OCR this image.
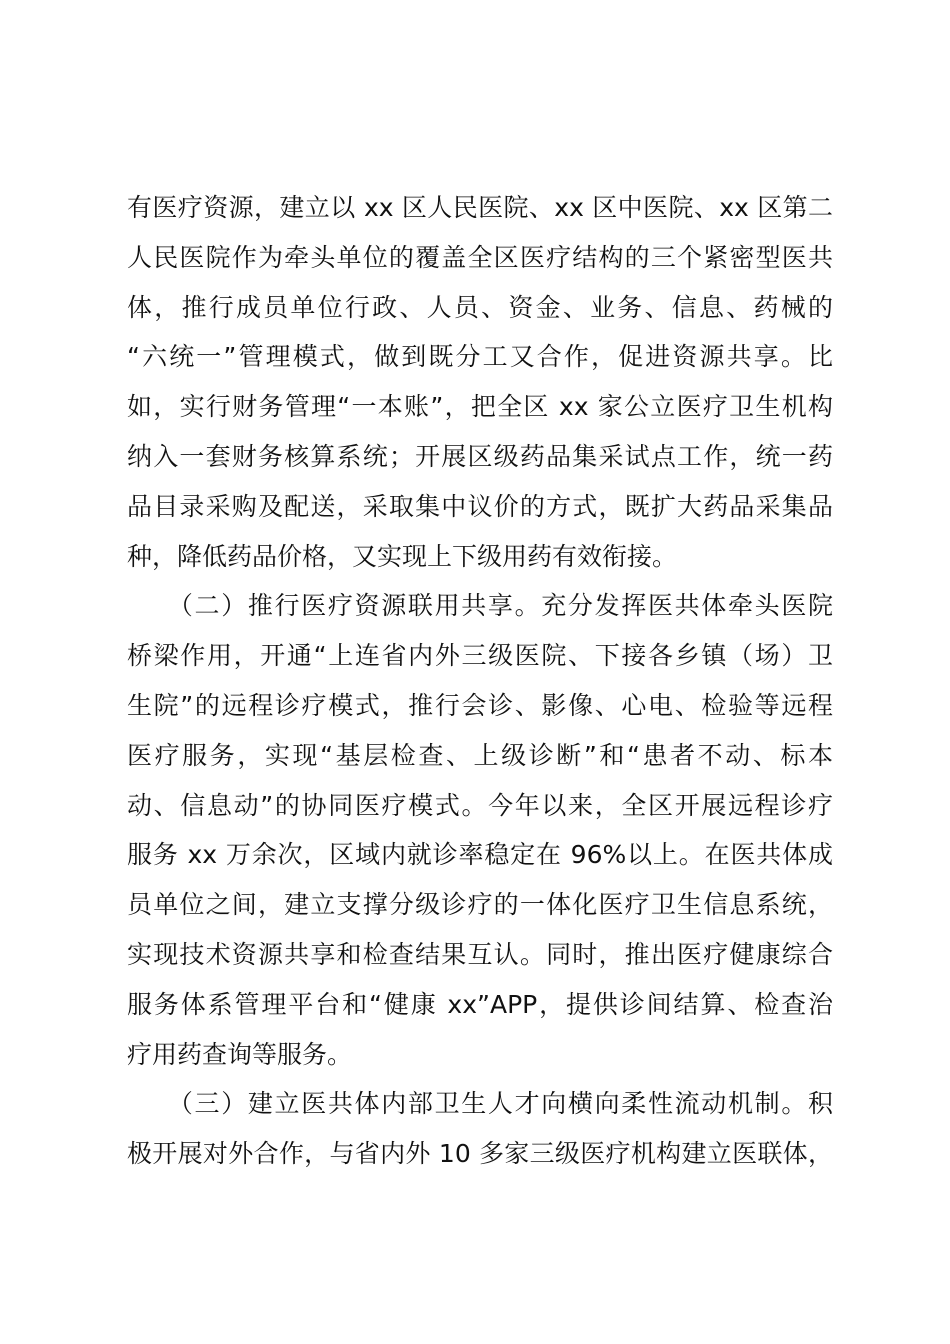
有医疗资源，建立以 xx 区人民医院、xx 区中医院、xx 区第二
人民医院作为牵头单位的覆盖全区医疗结构的三个紧密型医共
体，推行成员单位行政、人员、资金、业务、信息、药械的
“六统一”管理模式，做到既分工又合作，促进资源共享。比
如，实行财务管理“一本账”，把全区 xx 家公立医疗卫生机构
纳入一套财务核算系统；开展区级药品集采试点工作，统一药
品目录采购及配送，采取集中议价的方式，既扩大药品采集品
种，降低药品价格，又实现上下级用药有效衔接。
　　（二）推行医疗资源联用共享。充分发挥医共体牵头医院
桥梁作用，开通“上连省内外三级医院、下接各乡镇（场）卫
生院”的远程诊疗模式，推行会诊、影像、心电、检验等远程
医疗服务，实现“基层检查、上级诊断”和“患者不动、标本
动、信息动”的协同医疗模式。今年以来，全区开展远程诊疗
服务 xx 万余次，区域内就诊率稳定在 96%以上。在医共体成
员单位之间，建立支撑分级诊疗的一体化医疗卫生信息系统，
实现技术资源共享和检查结果互认。同时，推出医疗健康综合
服务体系管理平台和“健康 xx”APP，提供诊间结算、检查治
疗用药查询等服务。
　　（三）建立医共体内部卫生人才向横向柔性流动机制。积
极开展对外合作，与省内外 10 多家三级医疗机构建立医联体，
